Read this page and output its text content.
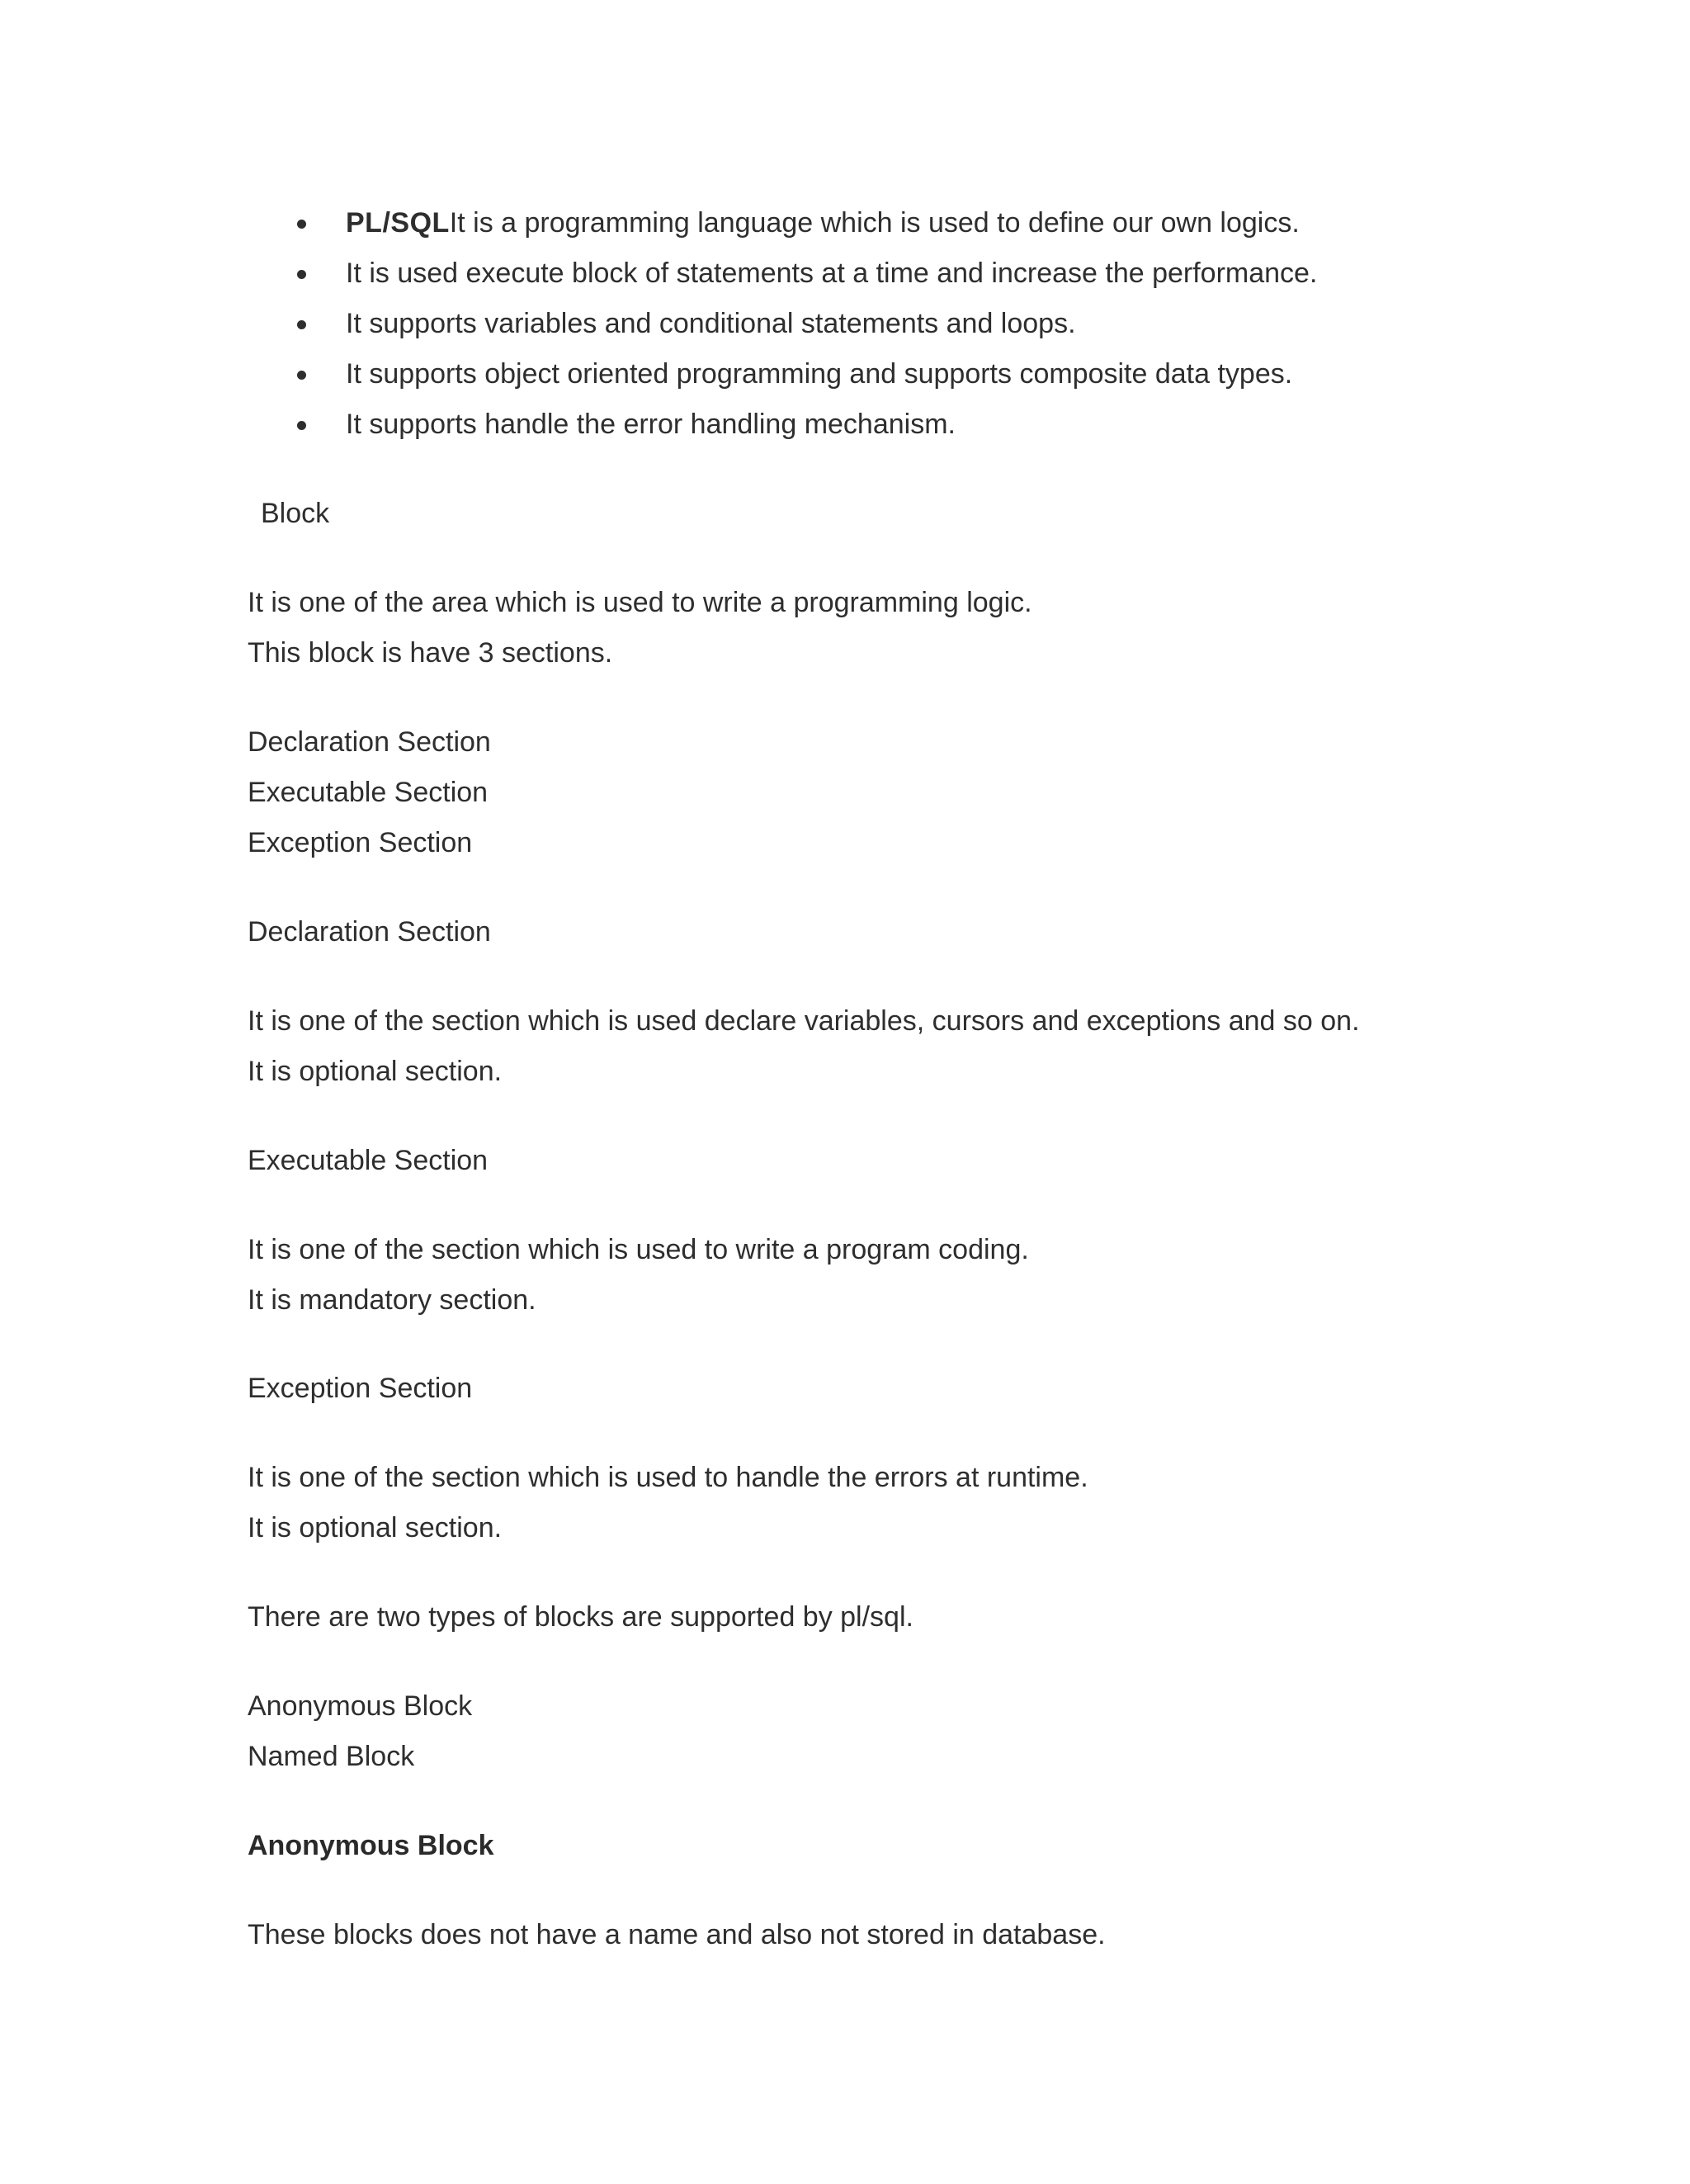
PL/SQLIt is a programming language which is used to define our own logics.
It is used execute block of statements at a time and increase the performance.
It supports variables and conditional statements and loops.
It supports object oriented programming and supports composite data types.
It supports handle the error handling mechanism.
Block
It is one of the area which is used to write a programming logic.
This block is have 3 sections.
Declaration Section
Executable Section
Exception Section
Declaration Section
It is one of the section which is used declare variables, cursors and exceptions and so on.
It is optional section.
Executable Section
It is one of the section which is used to write a program coding.
It is mandatory section.
Exception Section
It is one of the section which is used to handle the errors at runtime.
It is optional section.
There are two types of blocks are supported by pl/sql.
Anonymous Block
Named Block
Anonymous Block
These blocks does not have a name and also not stored in database.
